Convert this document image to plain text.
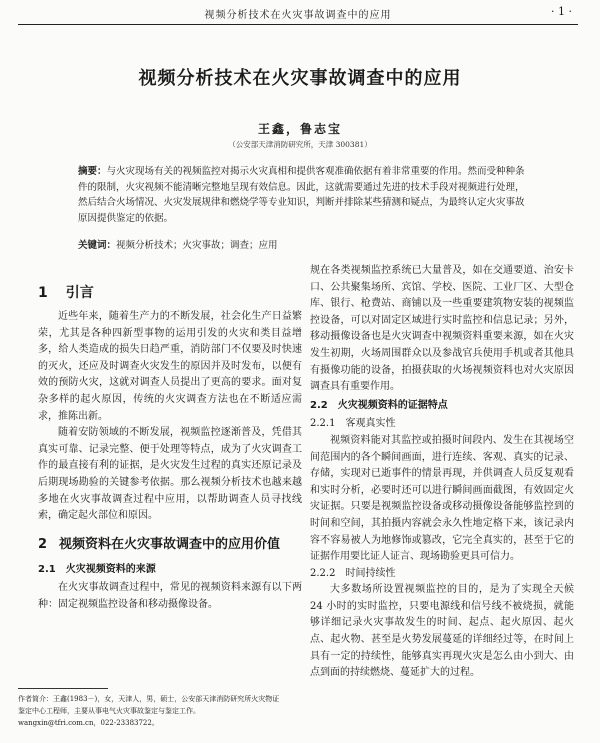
视频分析技术在火灾事故调查中的应用	· 1 ·
视频分析技术在火灾事故调查中的应用
王鑫，鲁志宝
（公安部天津消防研究所，天津 300381）
摘要：与火灾现场有关的视频监控对揭示火灾真相和提供客观准确依据有着非常重要的作用。然而受种种条件的限制，火灾视频不能清晰完整地呈现有效信息。因此，这就需要通过先进的技术手段对视频进行处理，然后结合火场情况、火灾发展规律和燃烧学等专业知识，判断并排除某些猜测和疑点，为最终认定火灾事故原因提供鉴定的依据。
关键词：视频分析技术；火灾事故；调查；应用
1 引言

近些年来，随着生产力的不断发展，社会化生产日益繁荣，尤其是各种四新型事物的运用引发的火灾和类目益增多，给人类造成的损失日趋严重，消防部门不仅要及时快速的灭火，还应及时调查火灾发生的原因并及时发布，以便有效的预防火灾，这就对调查人员提出了更高的要求。面对复杂多样的起火原因，传统的火灾调查方法也在不断适应需求，推陈出新。

随着安防领域的不断发展，视频监控逐渐普及，凭借其真实可靠、记录完整、便于处理等特点，成为了火灾调查工作的最直接有利的证据，是火灾发生过程的真实还原记录及后期现场勘验的关键参考依据。那么视频分析技术也越来越多地在火灾事故调查过程中应用，以帮助调查人员寻找线索，确定起火部位和原因。

2 视频资料在火灾事故调查中的应用价值
2.1　火灾视频资料的来源

在火灾事故调查过程中，常见的视频资料来源有以下两种：固定视频监控设备和移动摄像设备。

作者简介：王鑫(1983－)，女，天津人，男，硕士，公安部天津消防研究所火灾物证鉴定中心工程师，主要从事电气火灾事故鉴定与鉴定工作。wangxin@tfri.com.cn，022-23383722。

规在各类视频监控系统已大量普及，如在交通要道、治安卡口、公共聚集场所、宾馆、学校、医院、工业厂区、大型仓库、银行、枪费站、商铺以及一些重要建筑物安装的视频监控设备，可以对固定区域进行实时监控和信息记录；另外，移动摄像设备也是火灾调查中视频资料重要来源，如在火灾发生初期，火场周围群众以及参战官兵使用手机或者其他具有摄像功能的设备，拍摄获取的火场视频资料也对火灾原因调查具有重要作用。

2.2　火灾视频资料的证据特点
2.2.1　客观真实性

视频资料能对其监控或拍摄时间段内、发生在其视场空间范围内的各个瞬间画面，进行连续、客观、真实的记录、存储，实现对已逝事件的情景再现，并供调查人员反复观看和实时分析，必要时还可以进行瞬间画面截图，有效固定火灾证据。只要是视频监控设备或移动摄像设备能够监控到的时间和空间，其拍摄内容就会永久性地定格下来，该记录内容不容易被人为地修饰或篡改，它完全真实的，甚至于它的证据作用要比证人证言、现场勘验更具可信力。

2.2.2　时间持续性

大多数场所设置视频监控的目的，是为了实现全天候 24 小时的实时监控，只要电源线和信号线不被烧损，就能够详细记录火灾事故发生的时间、起点、起火原因、起火点、起火物、甚至是火势发展蔓延的详细经过等，在时间上具有一定的持续性，能够真实再现火灾是怎么由小到大、由点到面的持续燃烧、蔓延扩大的过程。
